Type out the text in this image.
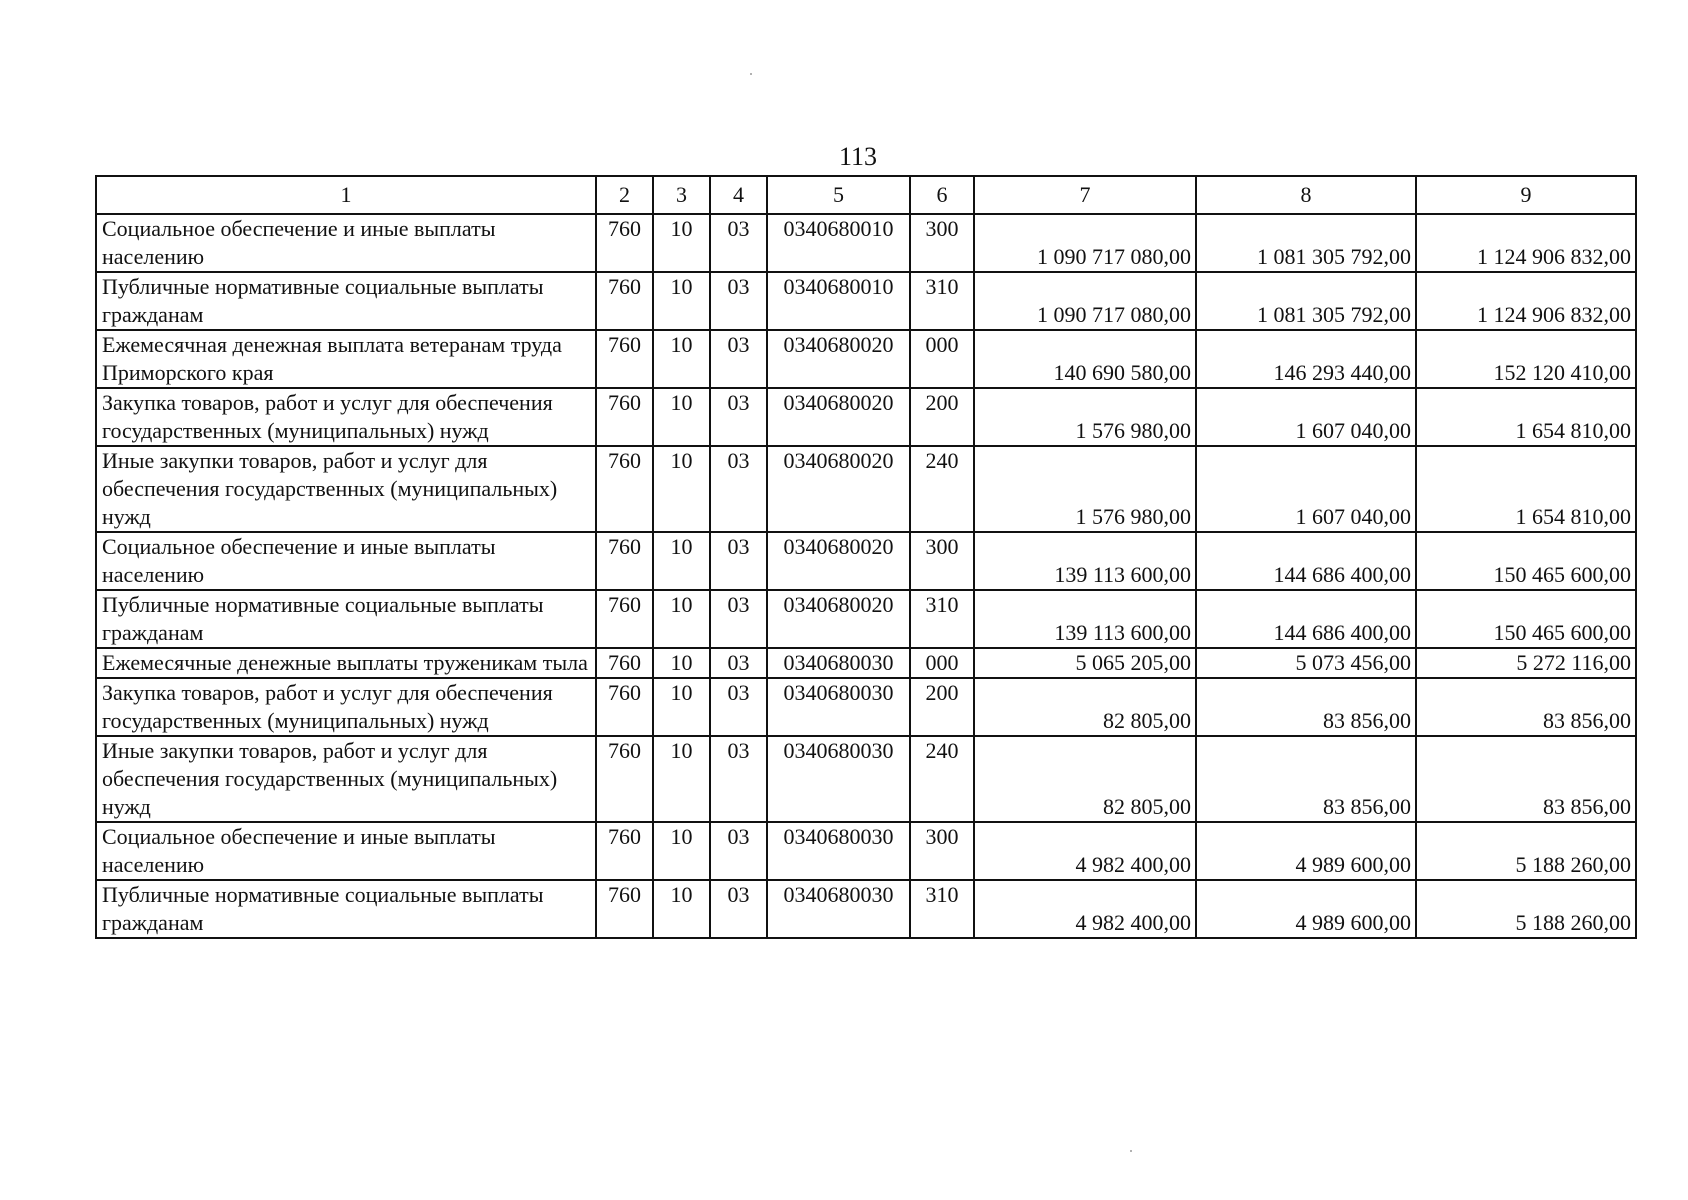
113
1	2	3	4	5	6	7	8	9
Социальное обеспечение и иные выплаты населению	760	10	03	0340680010	300	1 090 717 080,00	1 081 305 792,00	1 124 906 832,00
Публичные нормативные социальные выплаты гражданам	760	10	03	0340680010	310	1 090 717 080,00	1 081 305 792,00	1 124 906 832,00
Ежемесячная денежная выплата ветеранам труда Приморского края	760	10	03	0340680020	000	140 690 580,00	146 293 440,00	152 120 410,00
Закупка товаров, работ и услуг для обеспечения государственных (муниципальных) нужд	760	10	03	0340680020	200	1 576 980,00	1 607 040,00	1 654 810,00
Иные закупки товаров, работ и услуг для обеспечения государственных (муниципальных) нужд	760	10	03	0340680020	240	1 576 980,00	1 607 040,00	1 654 810,00
Социальное обеспечение и иные выплаты населению	760	10	03	0340680020	300	139 113 600,00	144 686 400,00	150 465 600,00
Публичные нормативные социальные выплаты гражданам	760	10	03	0340680020	310	139 113 600,00	144 686 400,00	150 465 600,00
Ежемесячные денежные выплаты труженикам тыла	760	10	03	0340680030	000	5 065 205,00	5 073 456,00	5 272 116,00
Закупка товаров, работ и услуг для обеспечения государственных (муниципальных) нужд	760	10	03	0340680030	200	82 805,00	83 856,00	83 856,00
Иные закупки товаров, работ и услуг для обеспечения государственных (муниципальных) нужд	760	10	03	0340680030	240	82 805,00	83 856,00	83 856,00
Социальное обеспечение и иные выплаты населению	760	10	03	0340680030	300	4 982 400,00	4 989 600,00	5 188 260,00
Публичные нормативные социальные выплаты гражданам	760	10	03	0340680030	310	4 982 400,00	4 989 600,00	5 188 260,00
